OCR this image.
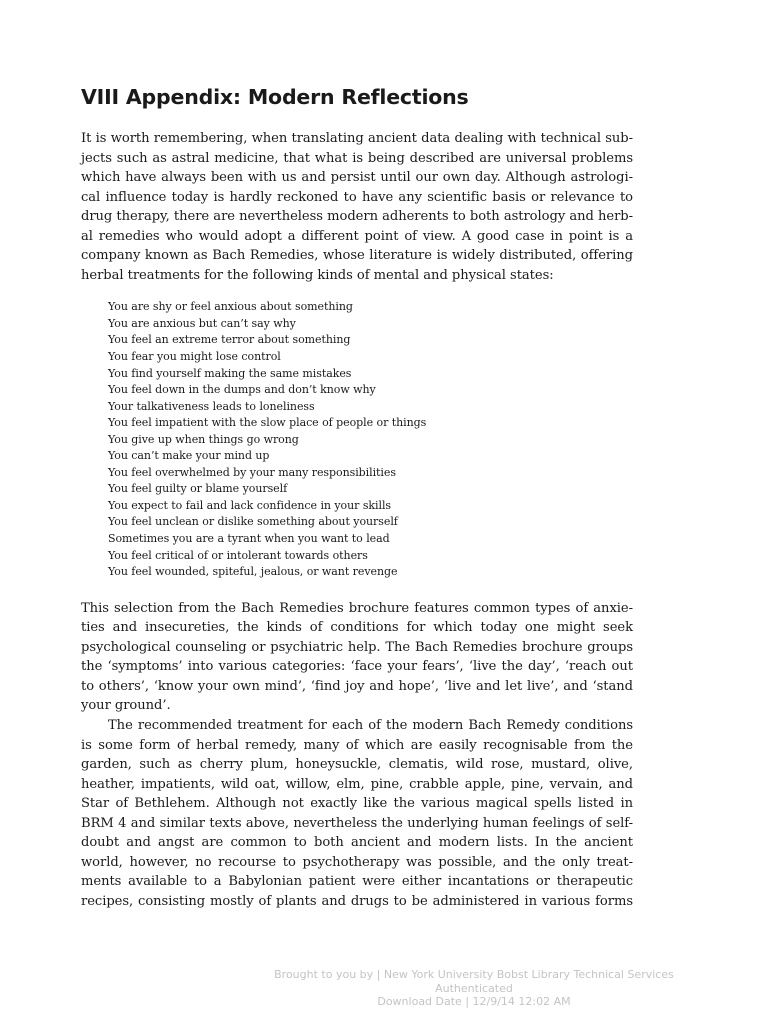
VIII Appendix: Modern Reflections

It is worth remembering, when translating ancient data dealing with technical sub-
jects such as astral medicine, that what is being described are universal problems
which have always been with us and persist until our own day. Although astrologi-
cal influence today is hardly reckoned to have any scientific basis or relevance to
drug therapy, there are nevertheless modern adherents to both astrology and herb-
al remedies who would adopt a different point of view. A good case in point is a
company known as Bach Remedies, whose literature is widely distributed, offering
herbal treatments for the following kinds of mental and physical states:

You are shy or feel anxious about something
You are anxious but can’t say why
You feel an extreme terror about something
You fear you might lose control
You find yourself making the same mistakes
You feel down in the dumps and don’t know why
Your talkativeness leads to loneliness
You feel impatient with the slow place of people or things
You give up when things go wrong
You can’t make your mind up
You feel overwhelmed by your many responsibilities
You feel guilty or blame yourself
You expect to fail and lack confidence in your skills
You feel unclean or dislike something about yourself
Sometimes you are a tyrant when you want to lead
You feel critical of or intolerant towards others
You feel wounded, spiteful, jealous, or want revenge

This selection from the Bach Remedies brochure features common types of anxie-
ties and insecureties, the kinds of conditions for which today one might seek
psychological counseling or psychiatric help. The Bach Remedies brochure groups
the ‘symptoms’ into various categories: ‘face your fears’, ‘live the day’, ‘reach out
to others’, ‘know your own mind’, ‘find joy and hope’, ‘live and let live’, and ‘stand
your ground’.

The recommended treatment for each of the modern Bach Remedy conditions
is some form of herbal remedy, many of which are easily recognisable from the
garden, such as cherry plum, honeysuckle, clematis, wild rose, mustard, olive,
heather, impatients, wild oat, willow, elm, pine, crabble apple, pine, vervain, and
Star of Bethlehem. Although not exactly like the various magical spells listed in
BRM 4 and similar texts above, nevertheless the underlying human feelings of self-
doubt and angst are common to both ancient and modern lists. In the ancient
world, however, no recourse to psychotherapy was possible, and the only treat-
ments available to a Babylonian patient were either incantations or therapeutic
recipes, consisting mostly of plants and drugs to be administered in various forms

Brought to you by | New York University Bobst Library Technical Services
Authenticated
Download Date | 12/9/14 12:02 AM
